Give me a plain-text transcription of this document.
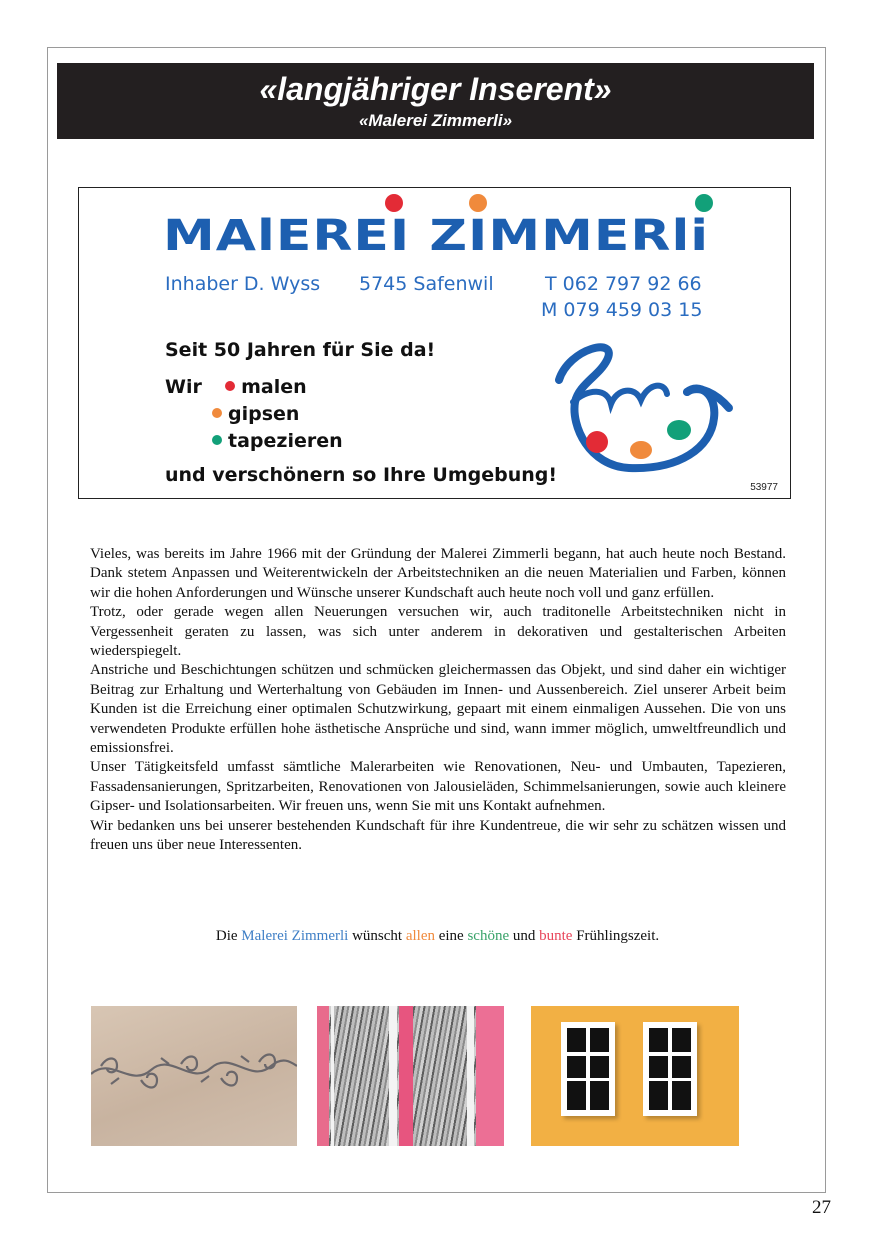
«langjähriger Inserent»
«Malerei Zimmerli»
MAlEREI ZIMMERli
Inhaber D. Wyss 5745 Safenwil	T 062 797 92 66
M 079 459 03 15
Seit 50 Jahren für Sie da!
Wir malen
gipsen
tapezieren
und verschönern so Ihre Umgebung!
53977

Vieles, was bereits im Jahre 1966 mit der Gründung der Malerei Zimmerli begann, hat auch heute noch Bestand. Dank stetem Anpassen und Weiterentwickeln der Arbeitstechniken an die neuen Materialien und Farben, können wir die hohen Anforderungen und Wünsche unserer Kundschaft auch heute noch voll und ganz erfüllen.

Trotz, oder gerade wegen allen Neuerungen versuchen wir, auch traditonelle Arbeitstechniken nicht in Vergessenheit geraten zu lassen, was sich unter anderem in dekorativen und gestalterischen Arbeiten wiederspiegelt.

Anstriche und Beschichtungen schützen und schmücken gleichermassen das Objekt, und sind daher ein wichtiger Beitrag zur Erhaltung und Werterhaltung von Gebäuden im Innen- und Aussenbereich. Ziel unserer Arbeit beim Kunden ist die Erreichung einer optimalen Schutzwirkung, gepaart mit einem einmaligen Aussehen. Die von uns verwendeten Produkte erfüllen hohe ästhetische Ansprüche und sind, wann immer möglich, umweltfreundlich und emissionsfrei.

Unser Tätigkeitsfeld umfasst sämtliche Malerarbeiten wie Renovationen, Neu- und Umbauten, Tapezieren, Fassadensanierungen, Spritzarbeiten, Renovationen von Jalousieläden, Schimmelsanierungen, sowie auch kleinere Gipser- und Isolationsarbeiten. Wir freuen uns, wenn Sie mit uns Kontakt aufnehmen.

Wir bedanken uns bei unserer bestehenden Kundschaft für ihre Kundentreue, die wir sehr zu schätzen wissen und freuen uns über neue Interessenten.

Die Malerei Zimmerli wünscht allen eine schöne und bunte Frühlingszeit.
27
